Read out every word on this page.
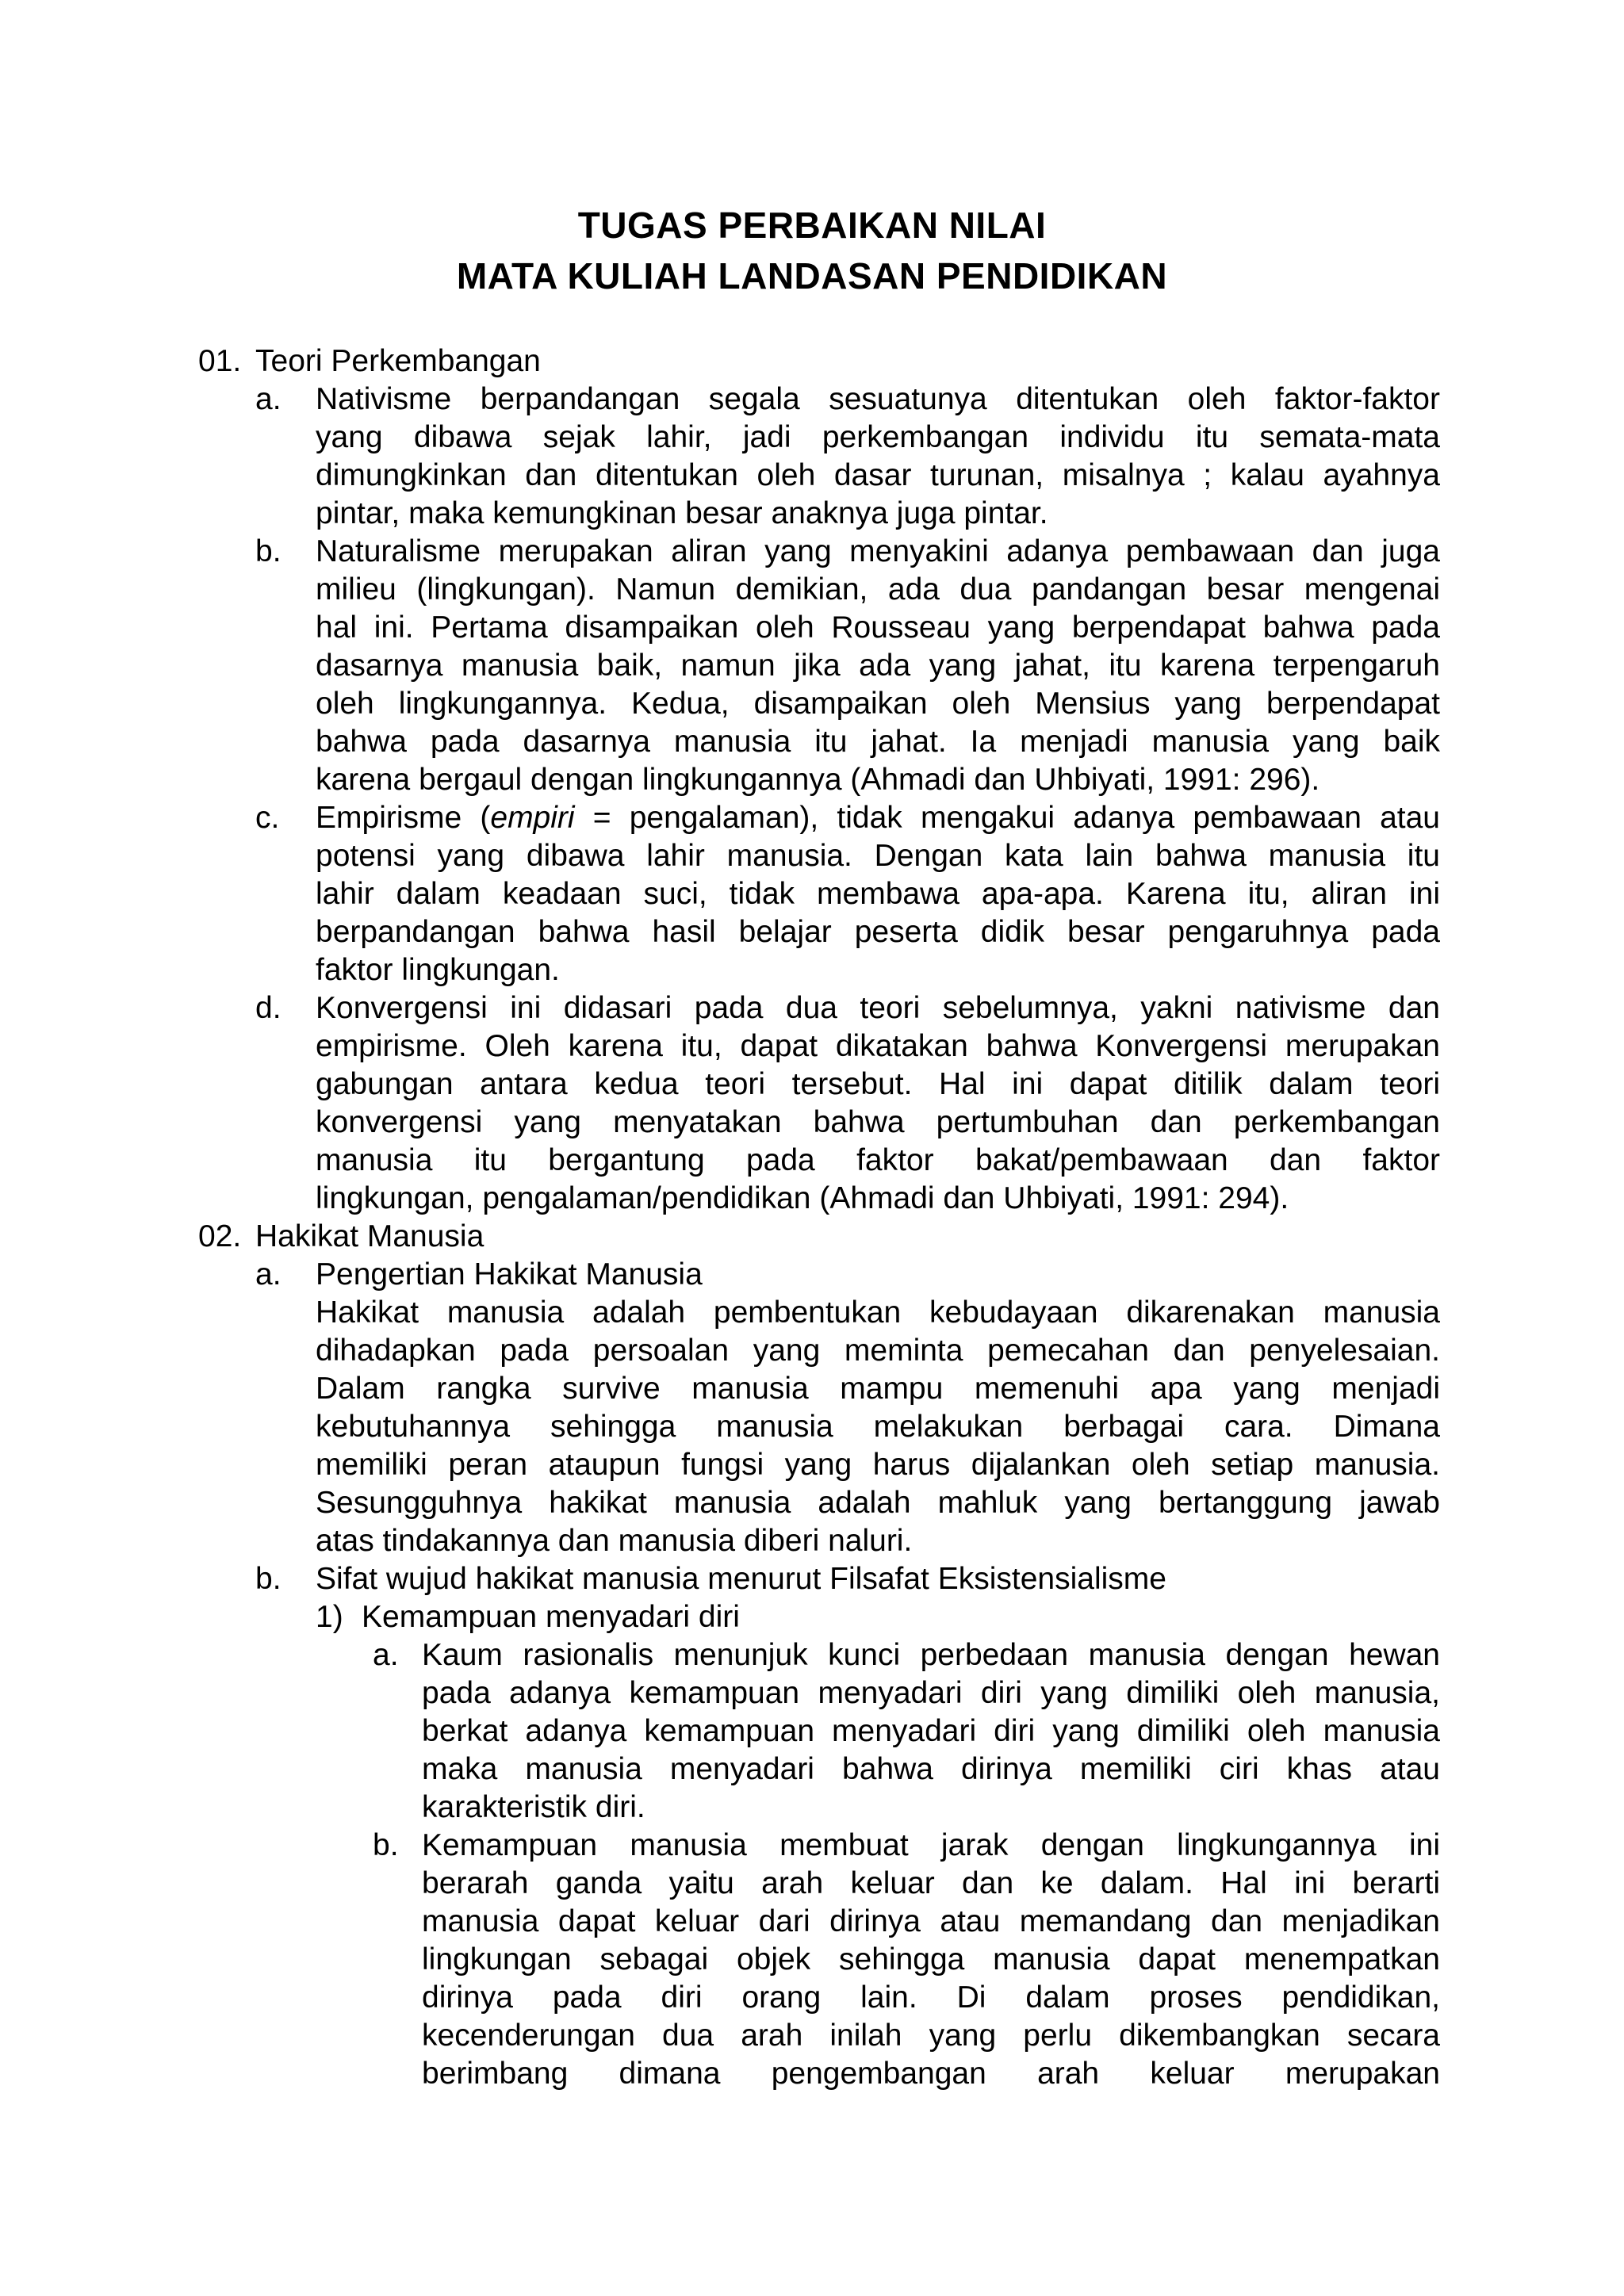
TUGAS PERBAIKAN NILAI
MATA KULIAH LANDASAN PENDIDIKAN
01. Teori Perkembangan
a. Nativisme berpandangan segala sesuatunya ditentukan oleh faktor-faktor
yang dibawa sejak lahir, jadi perkembangan individu itu semata-mata
dimungkinkan dan ditentukan oleh dasar turunan, misalnya ; kalau ayahnya
pintar, maka kemungkinan besar anaknya juga pintar.
b. Naturalisme merupakan aliran yang menyakini adanya pembawaan dan juga
milieu (lingkungan). Namun demikian, ada dua pandangan besar mengenai
hal ini. Pertama disampaikan oleh Rousseau yang berpendapat bahwa pada
dasarnya manusia baik, namun jika ada yang jahat, itu karena terpengaruh
oleh lingkungannya. Kedua, disampaikan oleh Mensius yang berpendapat
bahwa pada dasarnya manusia itu jahat. Ia menjadi manusia yang baik
karena bergaul dengan lingkungannya (Ahmadi dan Uhbiyati, 1991: 296).
c. Empirisme (empiri = pengalaman), tidak mengakui adanya pembawaan atau
potensi yang dibawa lahir manusia. Dengan kata lain bahwa manusia itu
lahir dalam keadaan suci, tidak membawa apa-apa. Karena itu, aliran ini
berpandangan bahwa hasil belajar peserta didik besar pengaruhnya pada
faktor lingkungan.
d. Konvergensi ini didasari pada dua teori sebelumnya, yakni nativisme dan
empirisme. Oleh karena itu, dapat dikatakan bahwa Konvergensi merupakan
gabungan antara kedua teori tersebut. Hal ini dapat ditilik dalam teori
konvergensi yang menyatakan bahwa pertumbuhan dan perkembangan
manusia itu bergantung pada faktor bakat/pembawaan dan faktor
lingkungan, pengalaman/pendidikan (Ahmadi dan Uhbiyati, 1991: 294).
02. Hakikat Manusia
a. Pengertian Hakikat Manusia
Hakikat manusia adalah pembentukan kebudayaan dikarenakan manusia
dihadapkan pada persoalan yang meminta pemecahan dan penyelesaian.
Dalam rangka survive manusia mampu memenuhi apa yang menjadi
kebutuhannya sehingga manusia melakukan berbagai cara. Dimana
memiliki peran ataupun fungsi yang harus dijalankan oleh setiap manusia.
Sesungguhnya hakikat manusia adalah mahluk yang bertanggung jawab
atas tindakannya dan manusia diberi naluri.
b. Sifat wujud hakikat manusia menurut Filsafat Eksistensialisme
1) Kemampuan menyadari diri
a. Kaum rasionalis menunjuk kunci perbedaan manusia dengan hewan
pada adanya kemampuan menyadari diri yang dimiliki oleh manusia,
berkat adanya kemampuan menyadari diri yang dimiliki oleh manusia
maka manusia menyadari bahwa dirinya memiliki ciri khas atau
karakteristik diri.
b. Kemampuan manusia membuat jarak dengan lingkungannya ini
berarah ganda yaitu arah keluar dan ke dalam. Hal ini berarti
manusia dapat keluar dari dirinya atau memandang dan menjadikan
lingkungan sebagai objek sehingga manusia dapat menempatkan
dirinya pada diri orang lain. Di dalam proses pendidikan,
kecenderungan dua arah inilah yang perlu dikembangkan secara
berimbang dimana pengembangan arah keluar merupakan
